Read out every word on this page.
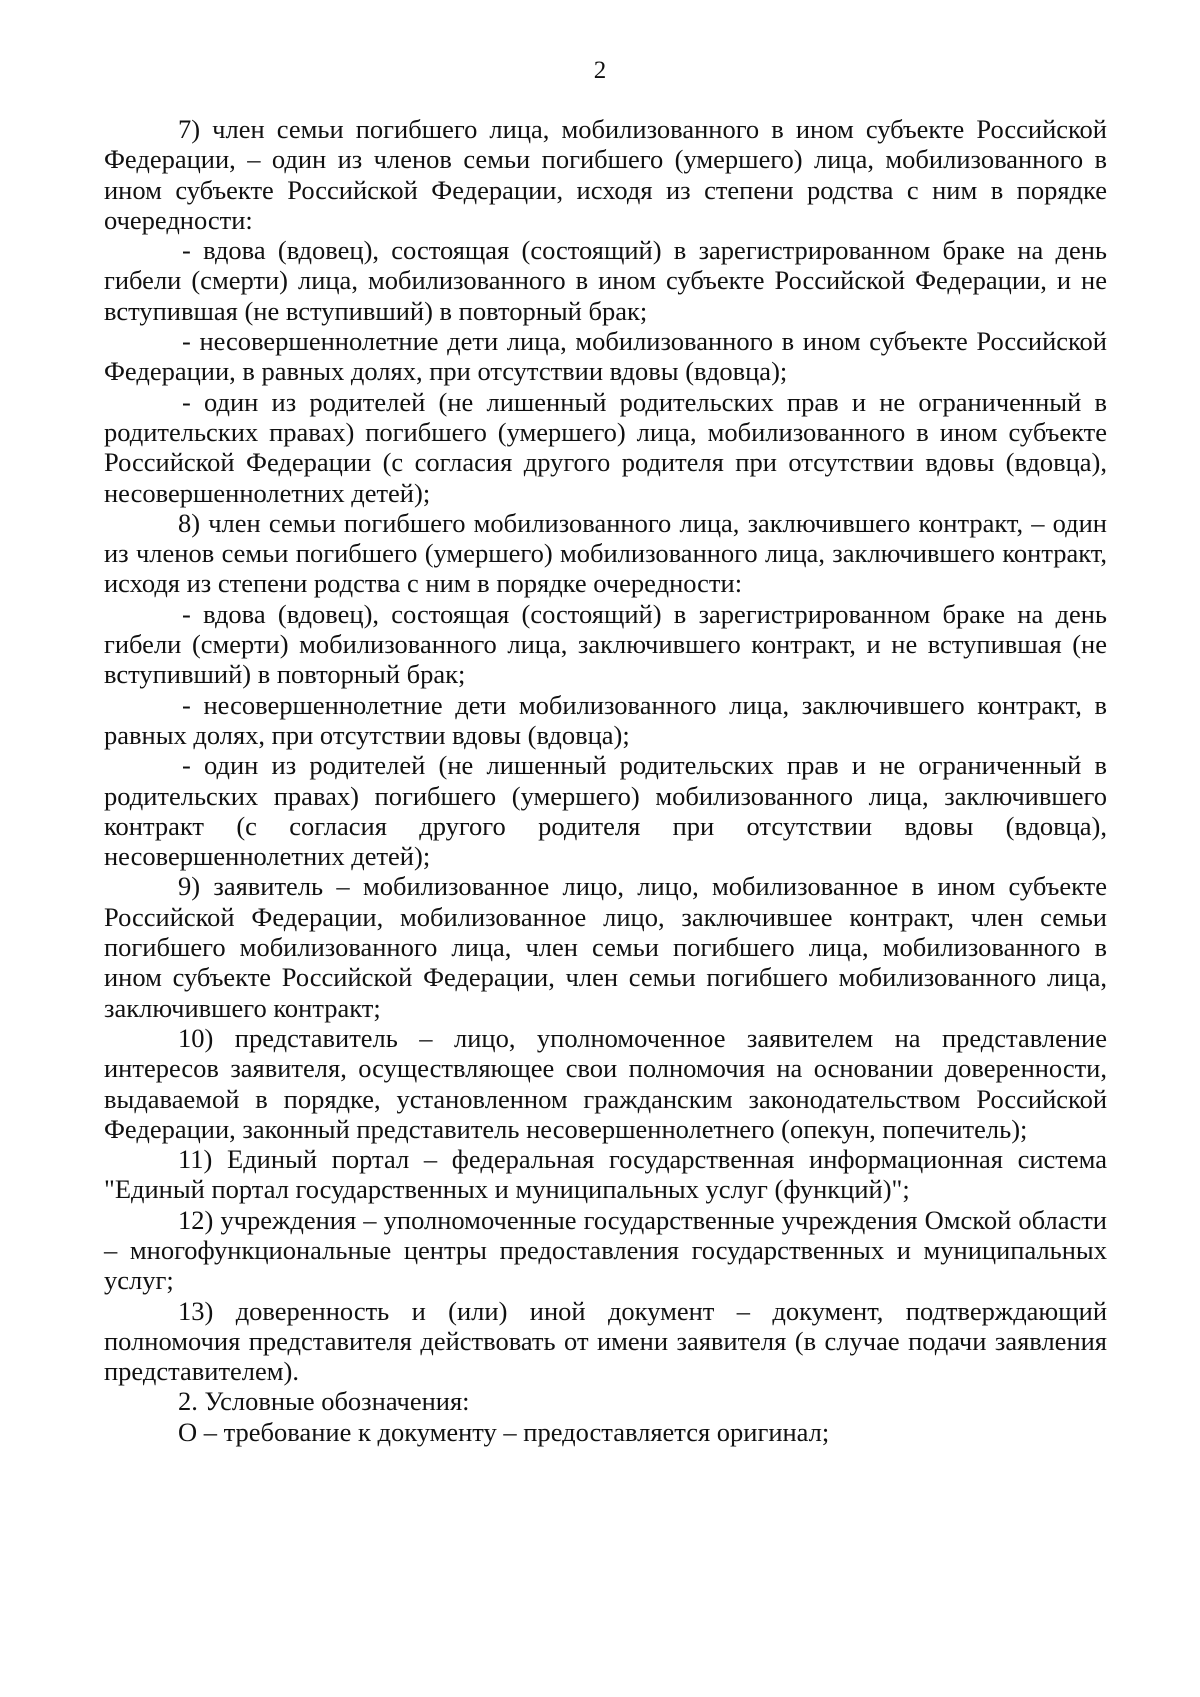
2

7) член семьи погибшего лица, мобилизованного в ином субъекте Российской Федерации, – один из членов семьи погибшего (умершего) лица, мобилизованного в ином субъекте Российской Федерации, исходя из степени родства с ним в порядке очередности:

- вдова (вдовец), состоящая (состоящий) в зарегистрированном браке на день гибели (смерти) лица, мобилизованного в ином субъекте Российской Федерации, и не вступившая (не вступивший) в повторный брак;

- несовершеннолетние дети лица, мобилизованного в ином субъекте Российской Федерации, в равных долях, при отсутствии вдовы (вдовца);

- один из родителей (не лишенный родительских прав и не ограниченный в родительских правах) погибшего (умершего) лица, мобилизованного в ином субъекте Российской Федерации (с согласия другого родителя при отсутствии вдовы (вдовца), несовершеннолетних детей);

8) член семьи погибшего мобилизованного лица, заключившего контракт, – один из членов семьи погибшего (умершего) мобилизованного лица, заключившего контракт, исходя из степени родства с ним в порядке очередности:

- вдова (вдовец), состоящая (состоящий) в зарегистрированном браке на день гибели (смерти) мобилизованного лица, заключившего контракт, и не вступившая (не вступивший) в повторный брак;

- несовершеннолетние дети мобилизованного лица, заключившего контракт, в равных долях, при отсутствии вдовы (вдовца);

- один из родителей (не лишенный родительских прав и не ограниченный в родительских правах) погибшего (умершего) мобилизованного лица, заключившего контракт (с согласия другого родителя при отсутствии вдовы (вдовца), несовершеннолетних детей);

9) заявитель – мобилизованное лицо, лицо, мобилизованное в ином субъекте Российской Федерации, мобилизованное лицо, заключившее контракт, член семьи погибшего мобилизованного лица, член семьи погибшего лица, мобилизованного в ином субъекте Российской Федерации, член семьи погибшего мобилизованного лица, заключившего контракт;

10) представитель – лицо, уполномоченное заявителем на представление интересов заявителя, осуществляющее свои полномочия на основании доверенности, выдаваемой в порядке, установленном гражданским законодательством Российской Федерации, законный представитель несовершеннолетнего (опекун, попечитель);

11) Единый портал – федеральная государственная информационная система "Единый портал государственных и муниципальных услуг (функций)";

12) учреждения – уполномоченные государственные учреждения Омской области – многофункциональные центры предоставления государственных и муниципальных услуг;

13) доверенность и (или) иной документ – документ, подтверждающий полномочия представителя действовать от имени заявителя (в случае подачи заявления представителем).

2. Условные обозначения:

О – требование к документу – предоставляется оригинал;
